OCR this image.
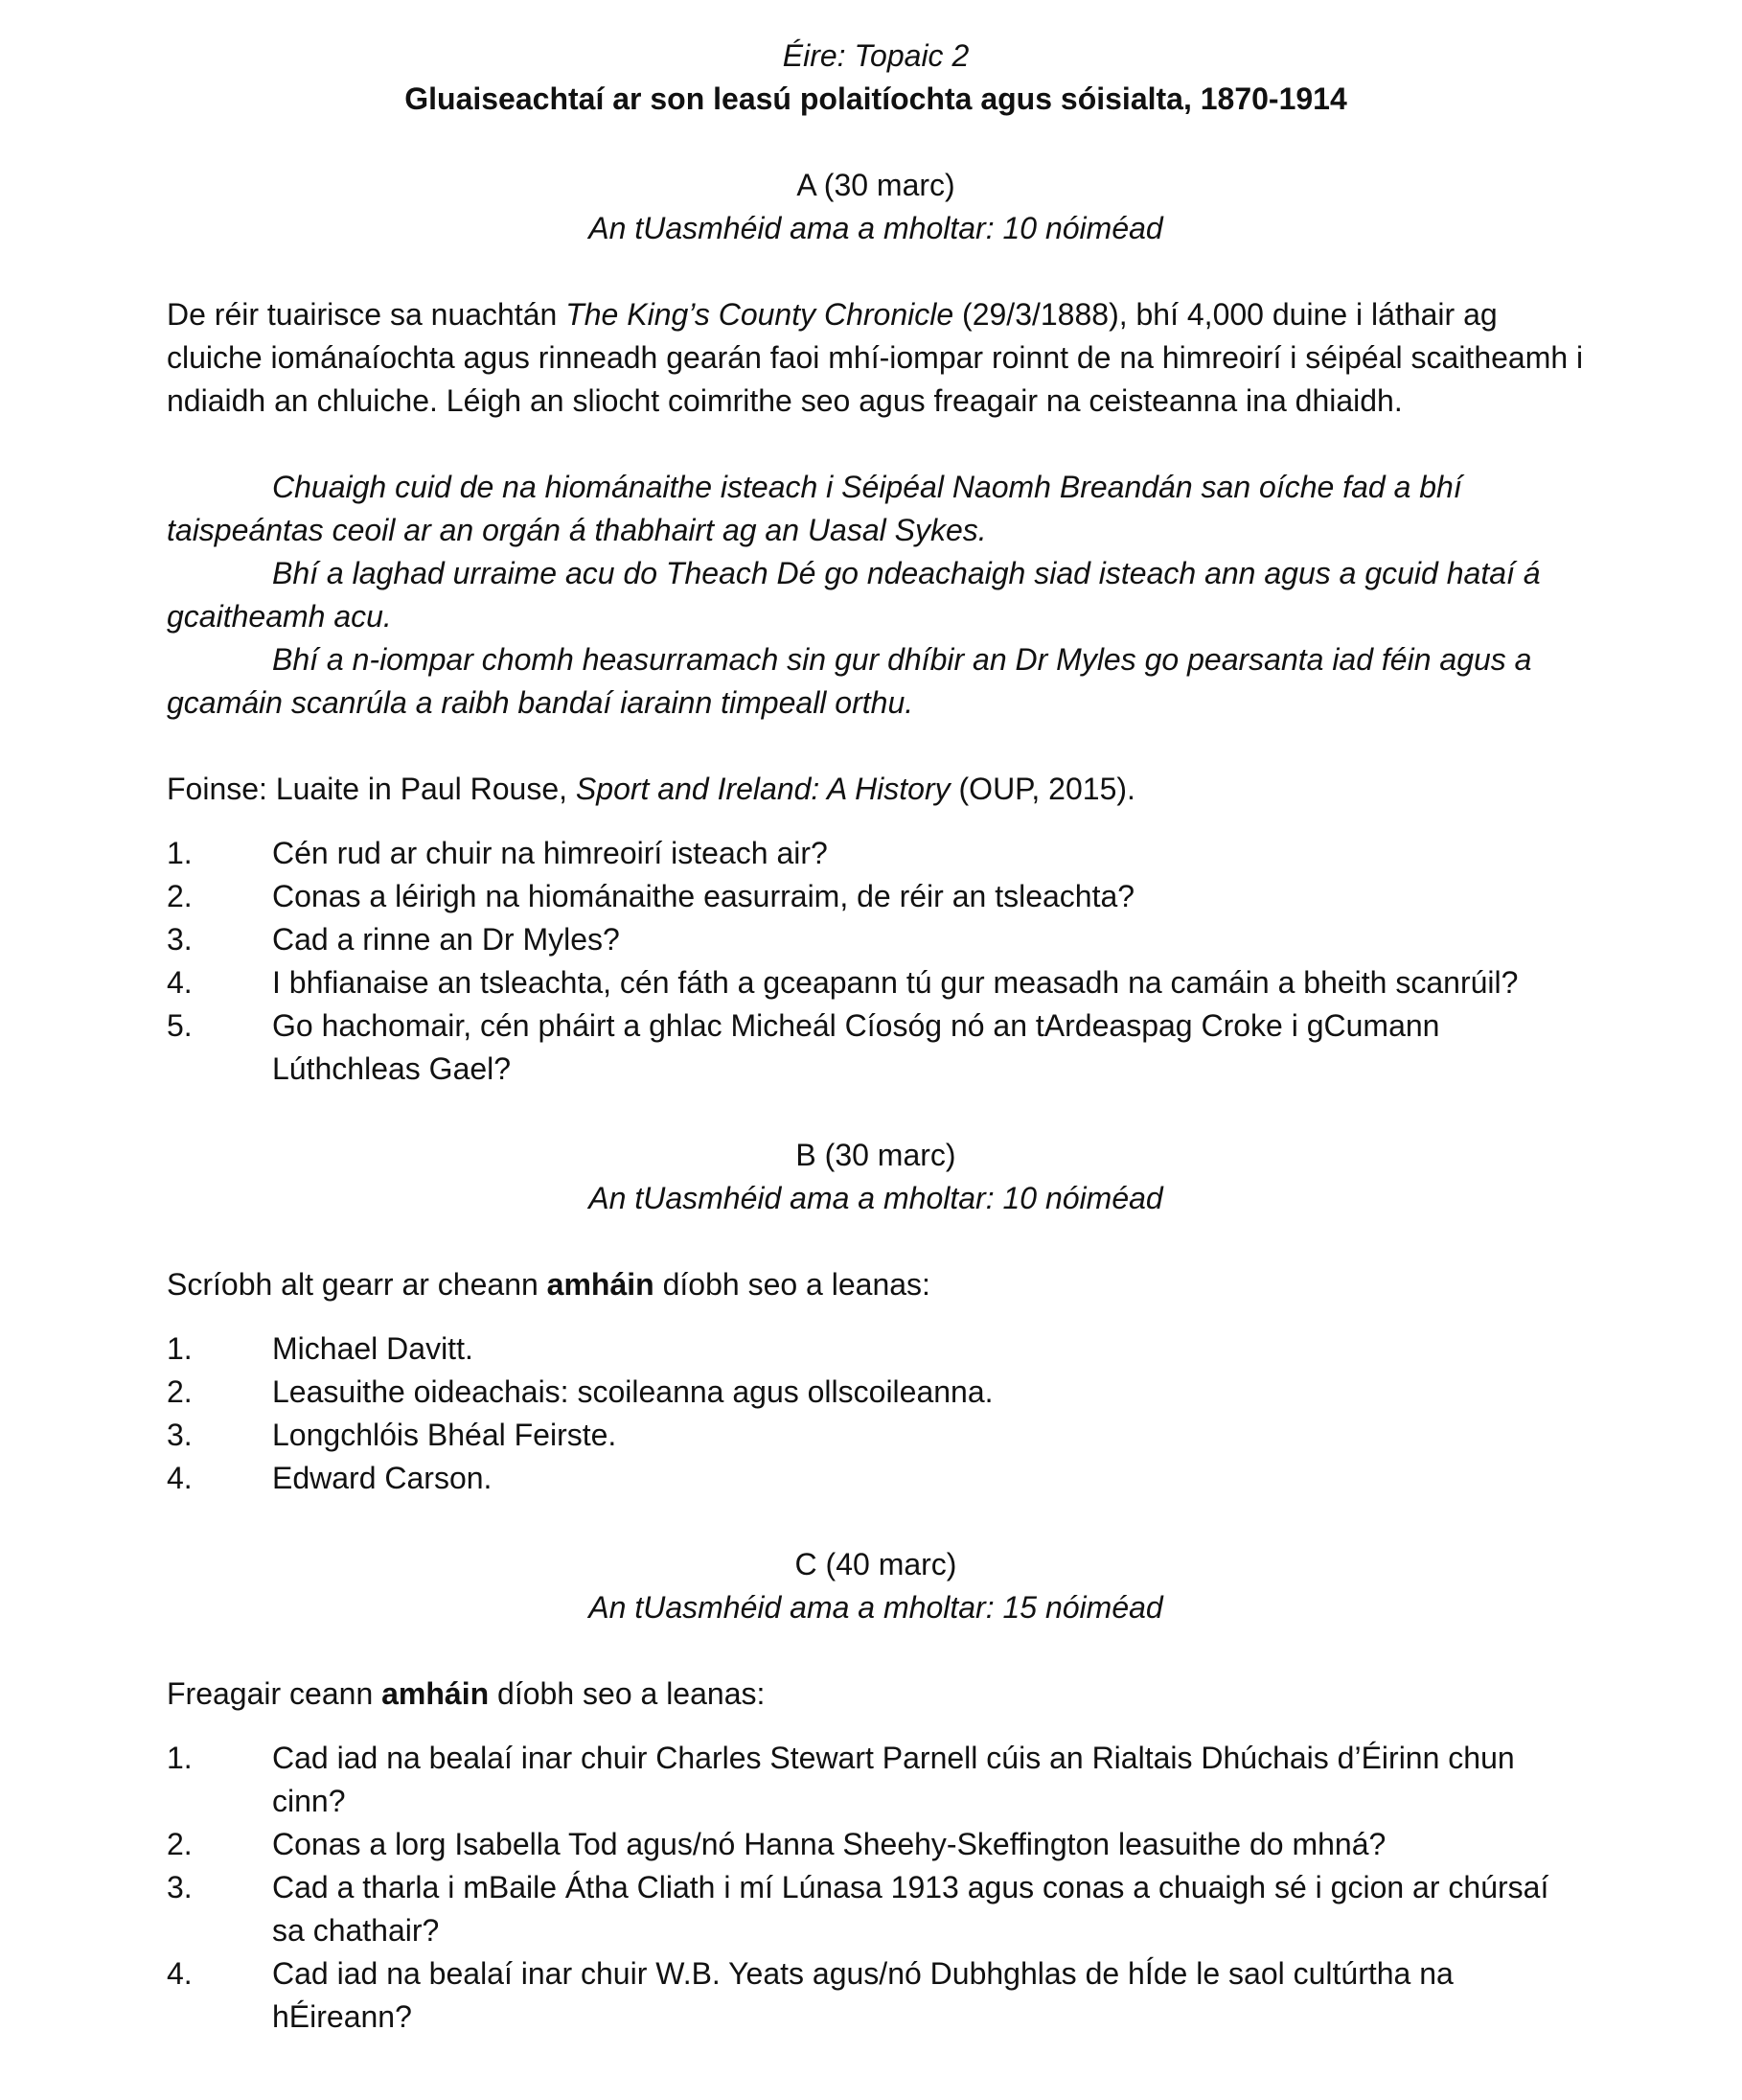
Éire: Topaic 2

Gluaiseachtaí ar son leasú polaitíochta agus sóisialta, 1870-1914

A (30 marc)

An tUasmhéid ama a mholtar: 10 nóiméad

De réir tuairisce sa nuachtán The King’s County Chronicle (29/3/1888), bhí 4,000 duine i láthair ag cluiche iománaíochta agus rinneadh gearán faoi mhí-iompar roinnt de na himreoirí i séipéal scaitheamh i ndiaidh an chluiche. Léigh an sliocht coimrithe seo agus freagair na ceisteanna ina dhiaidh.

Chuaigh cuid de na hiománaithe isteach i Séipéal Naomh Breandán san oíche fad a bhí taispeántas ceoil ar an orgán á thabhairt ag an Uasal Sykes.

Bhí a laghad urraime acu do Theach Dé go ndeachaigh siad isteach ann agus a gcuid hataí á gcaitheamh acu.

Bhí a n-iompar chomh heasurramach sin gur dhíbir an Dr Myles go pearsanta iad féin agus a gcamáin scanrúla a raibh bandaí iarainn timpeall orthu.

Foinse: Luaite in Paul Rouse, Sport and Ireland: A History (OUP, 2015).

1.	Cén rud ar chuir na himreoirí isteach air?
2.	Conas a léirigh na hiománaithe easurraim, de réir an tsleachta?
3.	Cad a rinne an Dr Myles?
4.	I bhfianaise an tsleachta, cén fáth a gceapann tú gur measadh na camáin a bheith scanrúil?
5.	Go hachomair, cén pháirt a ghlac Micheál Cíosóg nó an tArdeaspag Croke i gCumann Lúthchleas Gael?

B (30 marc)

An tUasmhéid ama a mholtar: 10 nóiméad

Scríobh alt gearr ar cheann amháin díobh seo a leanas:

1.	Michael Davitt.
2.	Leasuithe oideachais: scoileanna agus ollscoileanna.
3.	Longchlóis Bhéal Feirste.
4.	Edward Carson.

C (40 marc)

An tUasmhéid ama a mholtar: 15 nóiméad

Freagair ceann amháin díobh seo a leanas:

1.	Cad iad na bealaí inar chuir Charles Stewart Parnell cúis an Rialtais Dhúchais d’Éirinn chun cinn?
2.	Conas a lorg Isabella Tod agus/nó Hanna Sheehy-Skeffington leasuithe do mhná?
3.	Cad a tharla i mBaile Átha Cliath i mí Lúnasa 1913 agus conas a chuaigh sé i gcion ar chúrsaí sa chathair?
4.	Cad iad na bealaí inar chuir W.B. Yeats agus/nó Dubhghlas de hÍde le saol cultúrtha na hÉireann?
